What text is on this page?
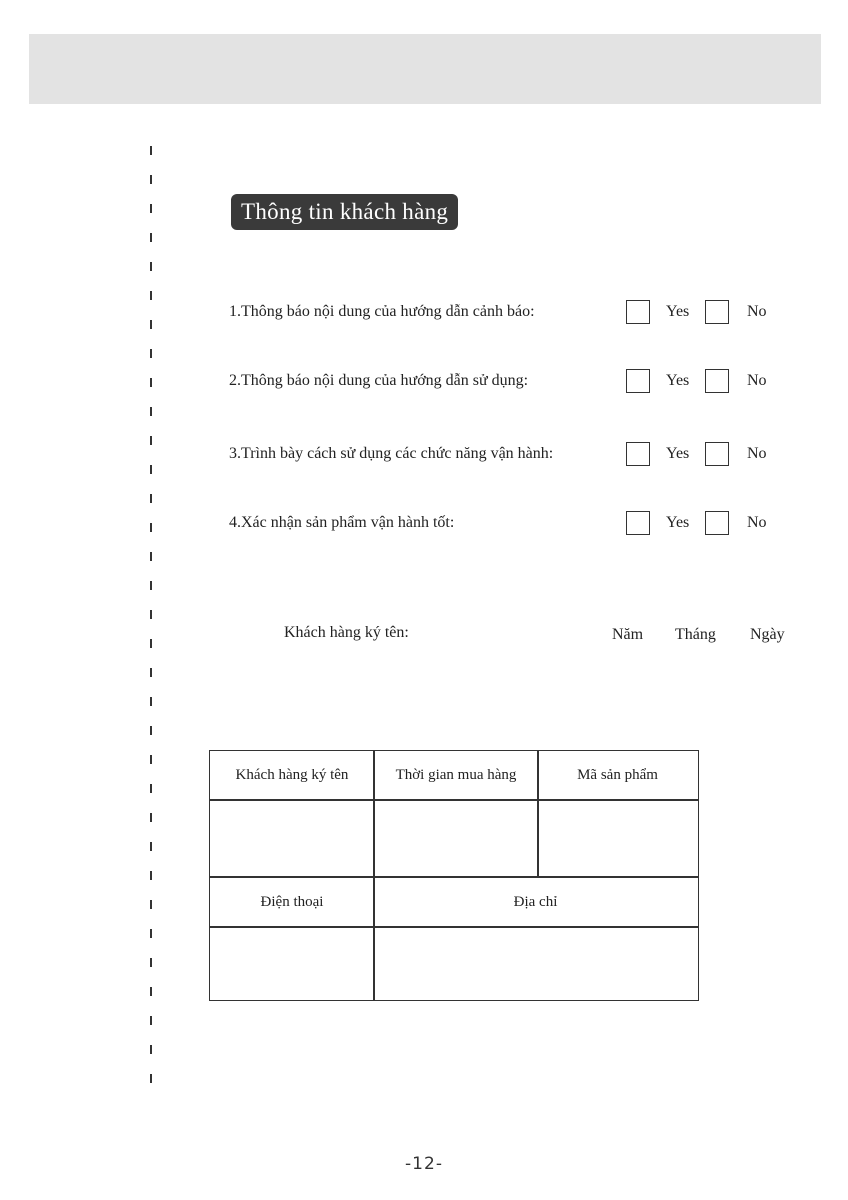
Thông tin khách hàng
1.Thông báo nội dung của hướng dẫn cảnh báo:	Yes	No
2.Thông báo nội dung của hướng dẫn sử dụng:	Yes	No
3.Trình bày cách sử dụng các chức năng vận hành:	Yes	No
4.Xác nhận sản phẩm vận hành tốt:	Yes	No
Khách hàng ký tên:	Năm Tháng Ngày
Khách hàng ký tên	Thời gian mua hàng	Mã sản phẩm
Điện thoại	Địa chỉ
-12-
